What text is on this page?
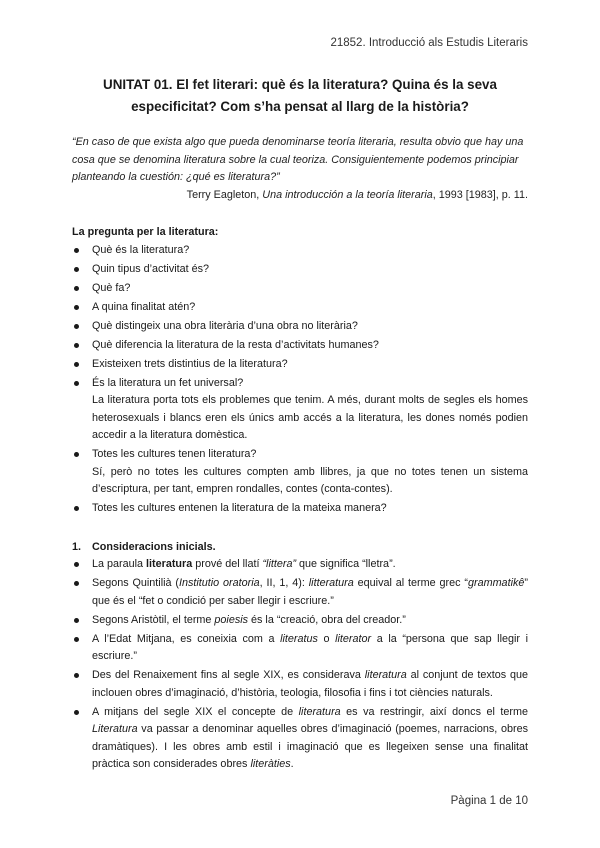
21852. Introducció als Estudis Literaris
UNITAT 01. El fet literari: què és la literatura? Quina és la seva
especificitat? Com s’ha pensat al llarg de la història?
“En caso de que exista algo que pueda denominarse teoría literaria, resulta obvio que hay una cosa que se denomina literatura sobre la cual teoriza. Consiguientemente podemos principiar planteando la cuestión: ¿qué es literatura?”
Terry Eagleton, Una introducción a la teoría literaria, 1993 [1983], p. 11.
La pregunta per la literatura:
Què és la literatura?
Quin tipus d’activitat és?
Què fa?
A quina finalitat atén?
Què distingeix una obra literària d’una obra no literària?
Què diferencia la literatura de la resta d’activitats humanes?
Existeixen trets distintius de la literatura?
És la literatura un fet universal?
La literatura porta tots els problemes que tenim. A més, durant molts de segles els homes heterosexuals i blancs eren els únics amb accés a la literatura, les dones només podien accedir a la literatura domèstica.
Totes les cultures tenen literatura?
Sí, però no totes les cultures compten amb llibres, ja que no totes tenen un sistema d’escriptura, per tant, empren rondalles, contes (conta-contes).
Totes les cultures entenen la literatura de la mateixa manera?
1. Consideracions inicials.
La paraula literatura prové del llatí “littera” que significa “lletra”.
Segons Quintilià (Institutio oratoria, II, 1, 4): litteratura equival al terme grec “grammatikê” que és el “fet o condició per saber llegir i escriure.”
Segons Aristòtil, el terme poiesis és la “creació, obra del creador.”
A l’Edat Mitjana, es coneixia com a literatus o literator a la “persona que sap llegir i escriure.”
Des del Renaixement fins al segle XIX, es considerava literatura al conjunt de textos que inclouen obres d’imaginació, d’història, teologia, filosofia i fins i tot ciències naturals.
A mitjans del segle XIX el concepte de literatura es va restringir, així doncs el terme Literatura va passar a denominar aquelles obres d’imaginació (poemes, narracions, obres dramàtiques). I les obres amb estil i imaginació que es llegeixen sense una finalitat pràctica son considerades obres literàties.
Pàgina 1 de 10
